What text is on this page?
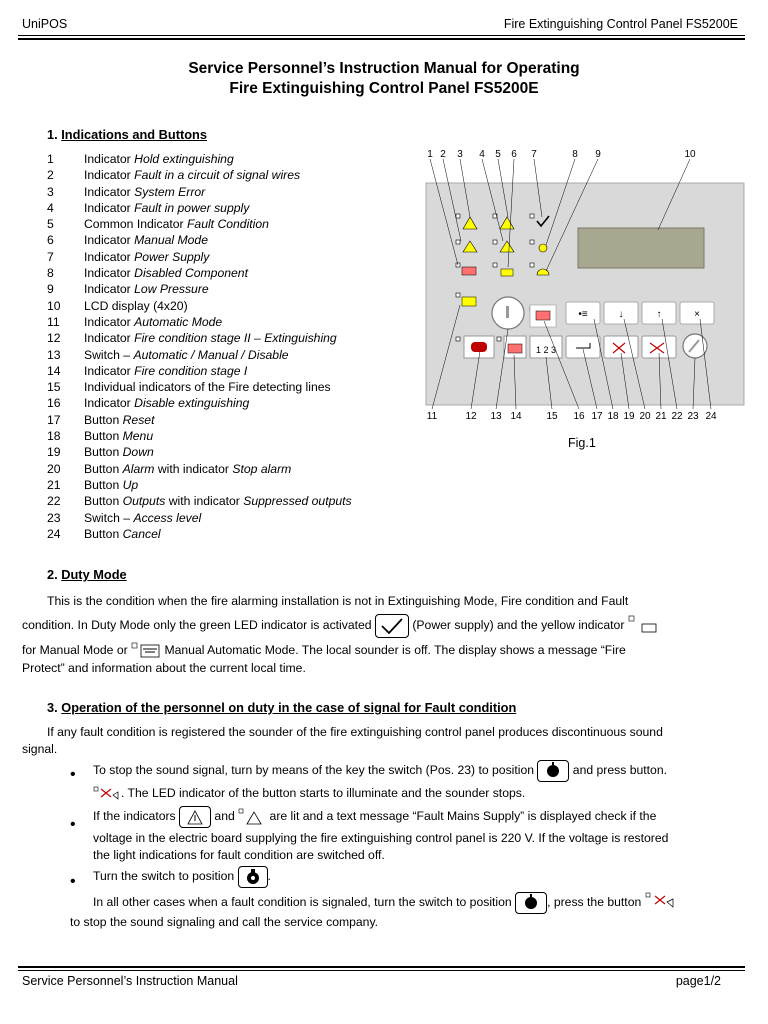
UniPOS	Fire Extinguishing Control Panel FS5200E
Service Personnel’s Instruction Manual for Operating
Fire Extinguishing Control Panel FS5200E
1. Indications and Buttons
1 Indicator Hold extinguishing
2 Indicator Fault in a circuit of signal wires
3 Indicator System Error
4 Indicator Fault in power supply
5 Common Indicator Fault Condition
6 Indicator Manual Mode
7 Indicator Power Supply
8 Indicator Disabled Component
9 Indicator Low Pressure
10 LCD display (4x20)
11 Indicator Automatic Mode
12 Indicator Fire condition stage II – Extinguishing
13 Switch – Automatic / Manual / Disable
14 Indicator Fire condition stage I
15 Individual indicators of the Fire detecting lines
16 Indicator Disable extinguishing
17 Button Reset
18 Button Menu
19 Button Down
20 Button Alarm with indicator Stop alarm
21 Button Up
22 Button Outputs with indicator Suppressed outputs
23 Switch – Access level
24 Button Cancel
•≡	↓	↑	×
1 2 3
1 2 3 4 5 6 7	8 9	10
11	12 13 14 15 16 17 18 19 20 21 22 23 24
Fig.1
2. Duty Mode
This is the condition when the fire alarming installation is not in Extinguishing Mode, Fire condition and Fault
condition. In Duty Mode only the green LED indicator is activated	(Power supply) and the yellow indicator
for Manual Mode or  Manual Automatic Mode. The local sounder is off. The display shows a message “Fire
Protect” and information about the current local time.
3. Operation of the personnel on duty in the case of signal for Fault condition
If any fault condition is registered the sounder of the fire extinguishing control panel produces discontinuous sound
signal.
• To stop the sound signal, turn by means of the key the switch (Pos. 23) to position	and press button.
. The LED indicator of the button starts to illuminate and the sounder stops.
• If the indicators	and  are lit and a text message “Fault Mains Supply” is displayed check if the
voltage in the electric board supplying the fire extinguishing control panel is 220 V. If the voltage is restored
the light indications for fault condition are switched off.
• Turn the switch to position .
In all other cases when a fault condition is signaled, turn the switch to position	, press the button
to stop the sound signaling and call the service company.
Service Personnel’s Instruction Manual	page1/2
